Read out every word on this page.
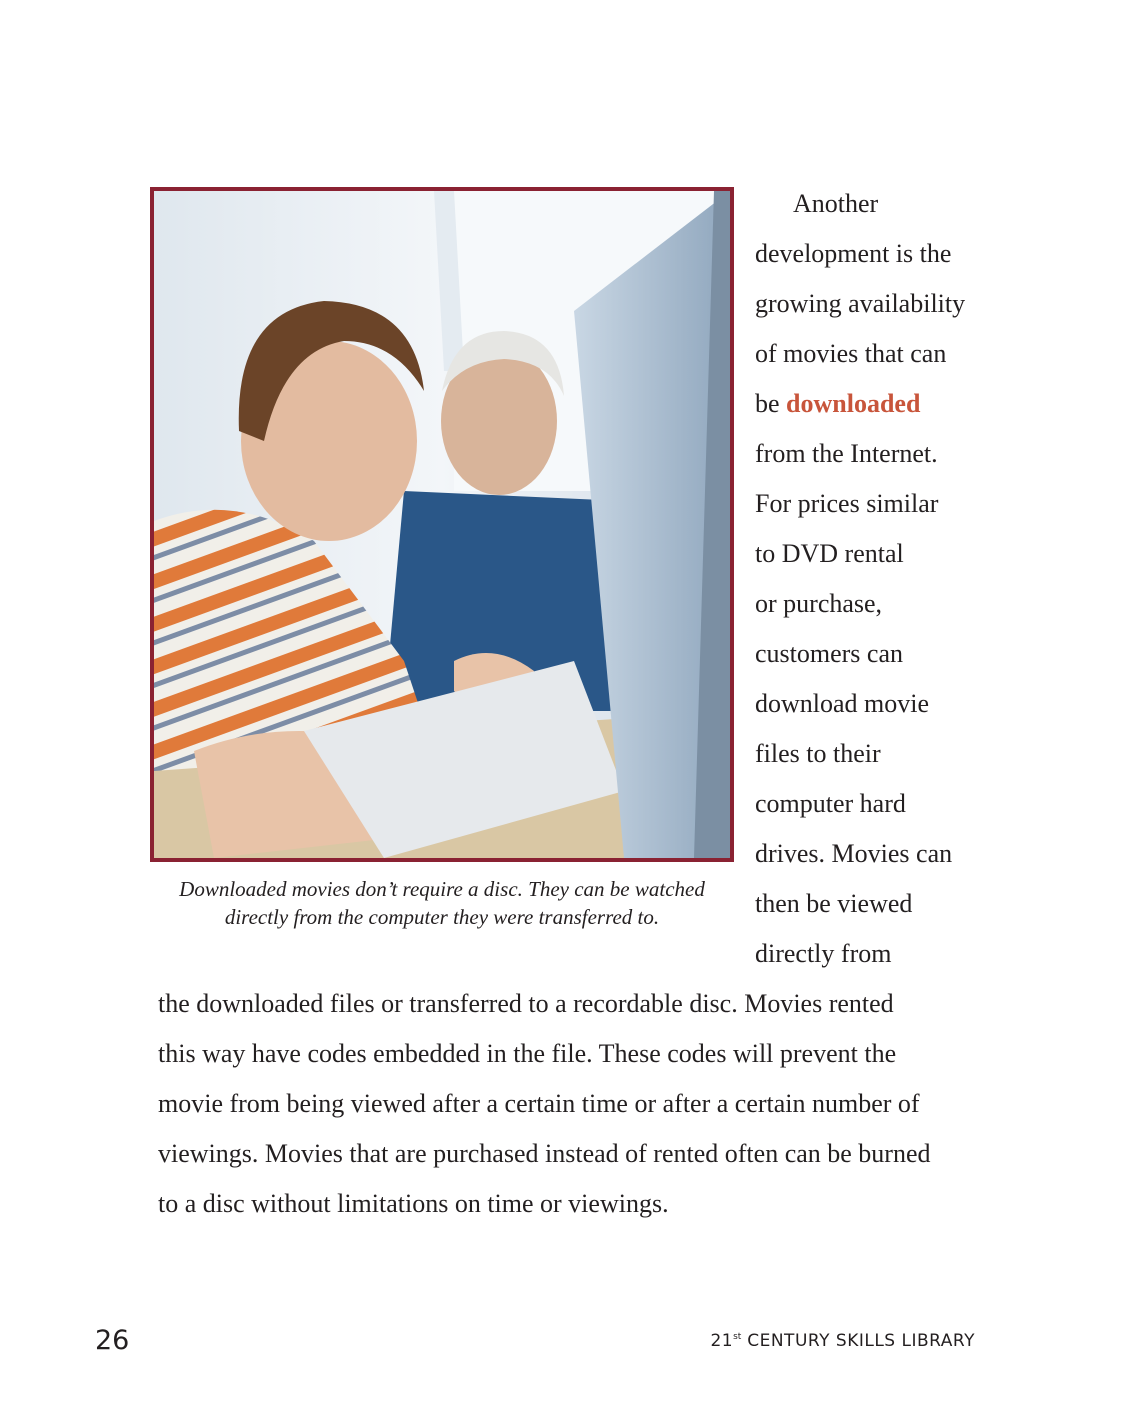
Downloaded movies don’t require a disc. They can be watched
directly from the computer they were transferred to.
Another
development is the
growing availability
of movies that can
be downloaded
from the Internet.
For prices similar
to DVD rental
or purchase,
customers can
download movie
files to their
computer hard
drives. Movies can
then be viewed
directly from
the downloaded files or transferred to a recordable disc. Movies rented
this way have codes embedded in the file. These codes will prevent the
movie from being viewed after a certain time or after a certain number of
viewings. Movies that are purchased instead of rented often can be burned
to a disc without limitations on time or viewings.
26	21st CENTURY SKILLS LIBRARY
